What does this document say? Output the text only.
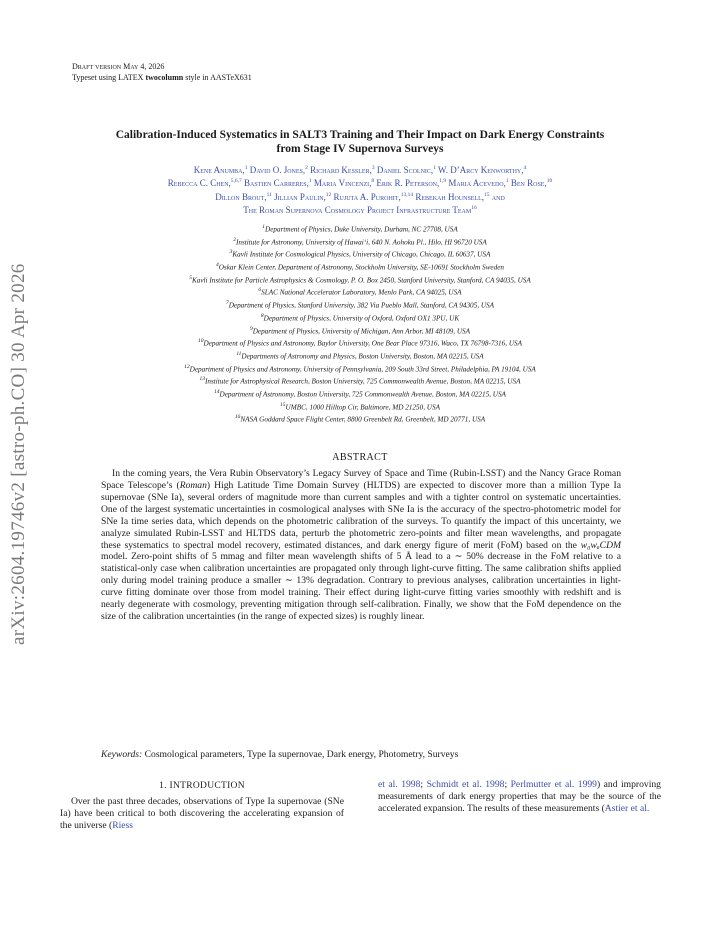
arXiv:2604.19746v2 [astro-ph.CO] 30 Apr 2026
Draft version May 4, 2026
Typeset using LATEX twocolumn style in AASTeX631
Calibration-Induced Systematics in SALT3 Training and Their Impact on Dark Energy Constraints
from Stage IV Supernova Surveys
Kene Anumba,$^1$ David O. Jones,$^2$ Richard Kessler,$^3$ Daniel Scolnic,$^1$ W. D’Arcy Kenworthy,$^4$
Rebecca C. Chen,$^{5,6,7}$ Bastien Carreres,$^1$ Maria Vincenzi,$^8$ Erik R. Peterson,$^{1,9}$ Maria Acevedo,$^1$ Ben Rose,$^{10}$
Dillon Brout,$^{11}$ Jillian Paulin,$^{12}$ Rujuta A. Purohit,$^{13,14}$ Rebekah Hounsell,$^{15}$ and
The Roman Supernova Cosmology Project Infrastructure Team$^{16}$
$^1$Department of Physics, Duke University, Durham, NC 27708, USA
$^2$Institute for Astronomy, University of Hawai‘i, 640 N. Aohoku Pl., Hilo, HI 96720 USA
$^3$Kavli Institute for Cosmological Physics, University of Chicago, Chicago, IL 60637, USA
$^4$Oskar Klein Center, Department of Astronomy, Stockholm University, SE-10691 Stockholm Sweden
$^5$Kavli Institute for Particle Astrophysics & Cosmology, P. O. Box 2450, Stanford University, Stanford, CA 94035, USA
$^6$SLAC National Accelerator Laboratory, Menlo Park, CA 94025, USA
$^7$Department of Physics, Stanford University, 382 Via Pueblo Mall, Stanford, CA 94305, USA
$^8$Department of Physics, University of Oxford, Oxford OX1 3PU, UK
$^9$Department of Physics, University of Michigan, Ann Arbor, MI 48109, USA
$^{10}$Department of Physics and Astronomy, Baylor University, One Bear Place 97316, Waco, TX 76798-7316, USA
$^{11}$Departments of Astronomy and Physics, Boston University, Boston, MA 02215, USA
$^{12}$Department of Physics and Astronomy, University of Pennsylvania, 209 South 33rd Street, Philadelphia, PA 19104, USA
$^{13}$Institute for Astrophysical Research, Boston University, 725 Commonwealth Avenue, Boston, MA 02215, USA
$^{14}$Department of Astronomy, Boston University, 725 Commonwealth Avenue, Boston, MA 02215, USA
$^{15}$UMBC, 1000 Hilltop Cir, Baltimore, MD 21250, USA
$^{16}$NASA Goddard Space Flight Center, 8800 Greenbelt Rd, Greenbelt, MD 20771, USA
ABSTRACT
In the coming years, the Vera Rubin Observatory’s Legacy Survey of Space and Time (Rubin-LSST) and the Nancy Grace Roman Space Telescope’s (Roman) High Latitude Time Domain Survey (HLTDS) are expected to discover more than a million Type Ia supernovae (SNe Ia), several orders of magnitude more than current samples and with a tighter control on systematic uncertainties. One of the largest systematic uncertainties in cosmological analyses with SNe Ia is the accuracy of the spectro-photometric model for SNe Ia time series data, which depends on the photometric calibration of the surveys. To quantify the impact of this uncertainty, we analyze simulated Rubin-LSST and HLTDS data, perturb the photometric zero-points and filter mean wavelengths, and propagate these systematics to spectral model recovery, estimated distances, and dark energy figure of merit (FoM) based on the w₀wₐCDM model. Zero-point shifts of 5 mmag and filter mean wavelength shifts of 5 Å lead to a ∼ 50% decrease in the FoM relative to a statistical-only case when calibration uncertainties are propagated only through light-curve fitting. The same calibration shifts applied only during model training produce a smaller ∼ 13% degradation. Contrary to previous analyses, calibration uncertainties in light-curve fitting dominate over those from model training. Their effect during light-curve fitting varies smoothly with redshift and is nearly degenerate with cosmology, preventing mitigation through self-calibration. Finally, we show that the FoM dependence on the size of the calibration uncertainties (in the range of expected sizes) is roughly linear.
Keywords: Cosmological parameters, Type Ia supernovae, Dark energy, Photometry, Surveys
1. INTRODUCTION
Over the past three decades, observations of Type Ia supernovae (SNe Ia) have been critical to both discovering the accelerating expansion of the universe (Riess
et al. 1998; Schmidt et al. 1998; Perlmutter et al. 1999) and improving measurements of dark energy properties that may be the source of the accelerated expansion. The results of these measurements (Astier et al.
